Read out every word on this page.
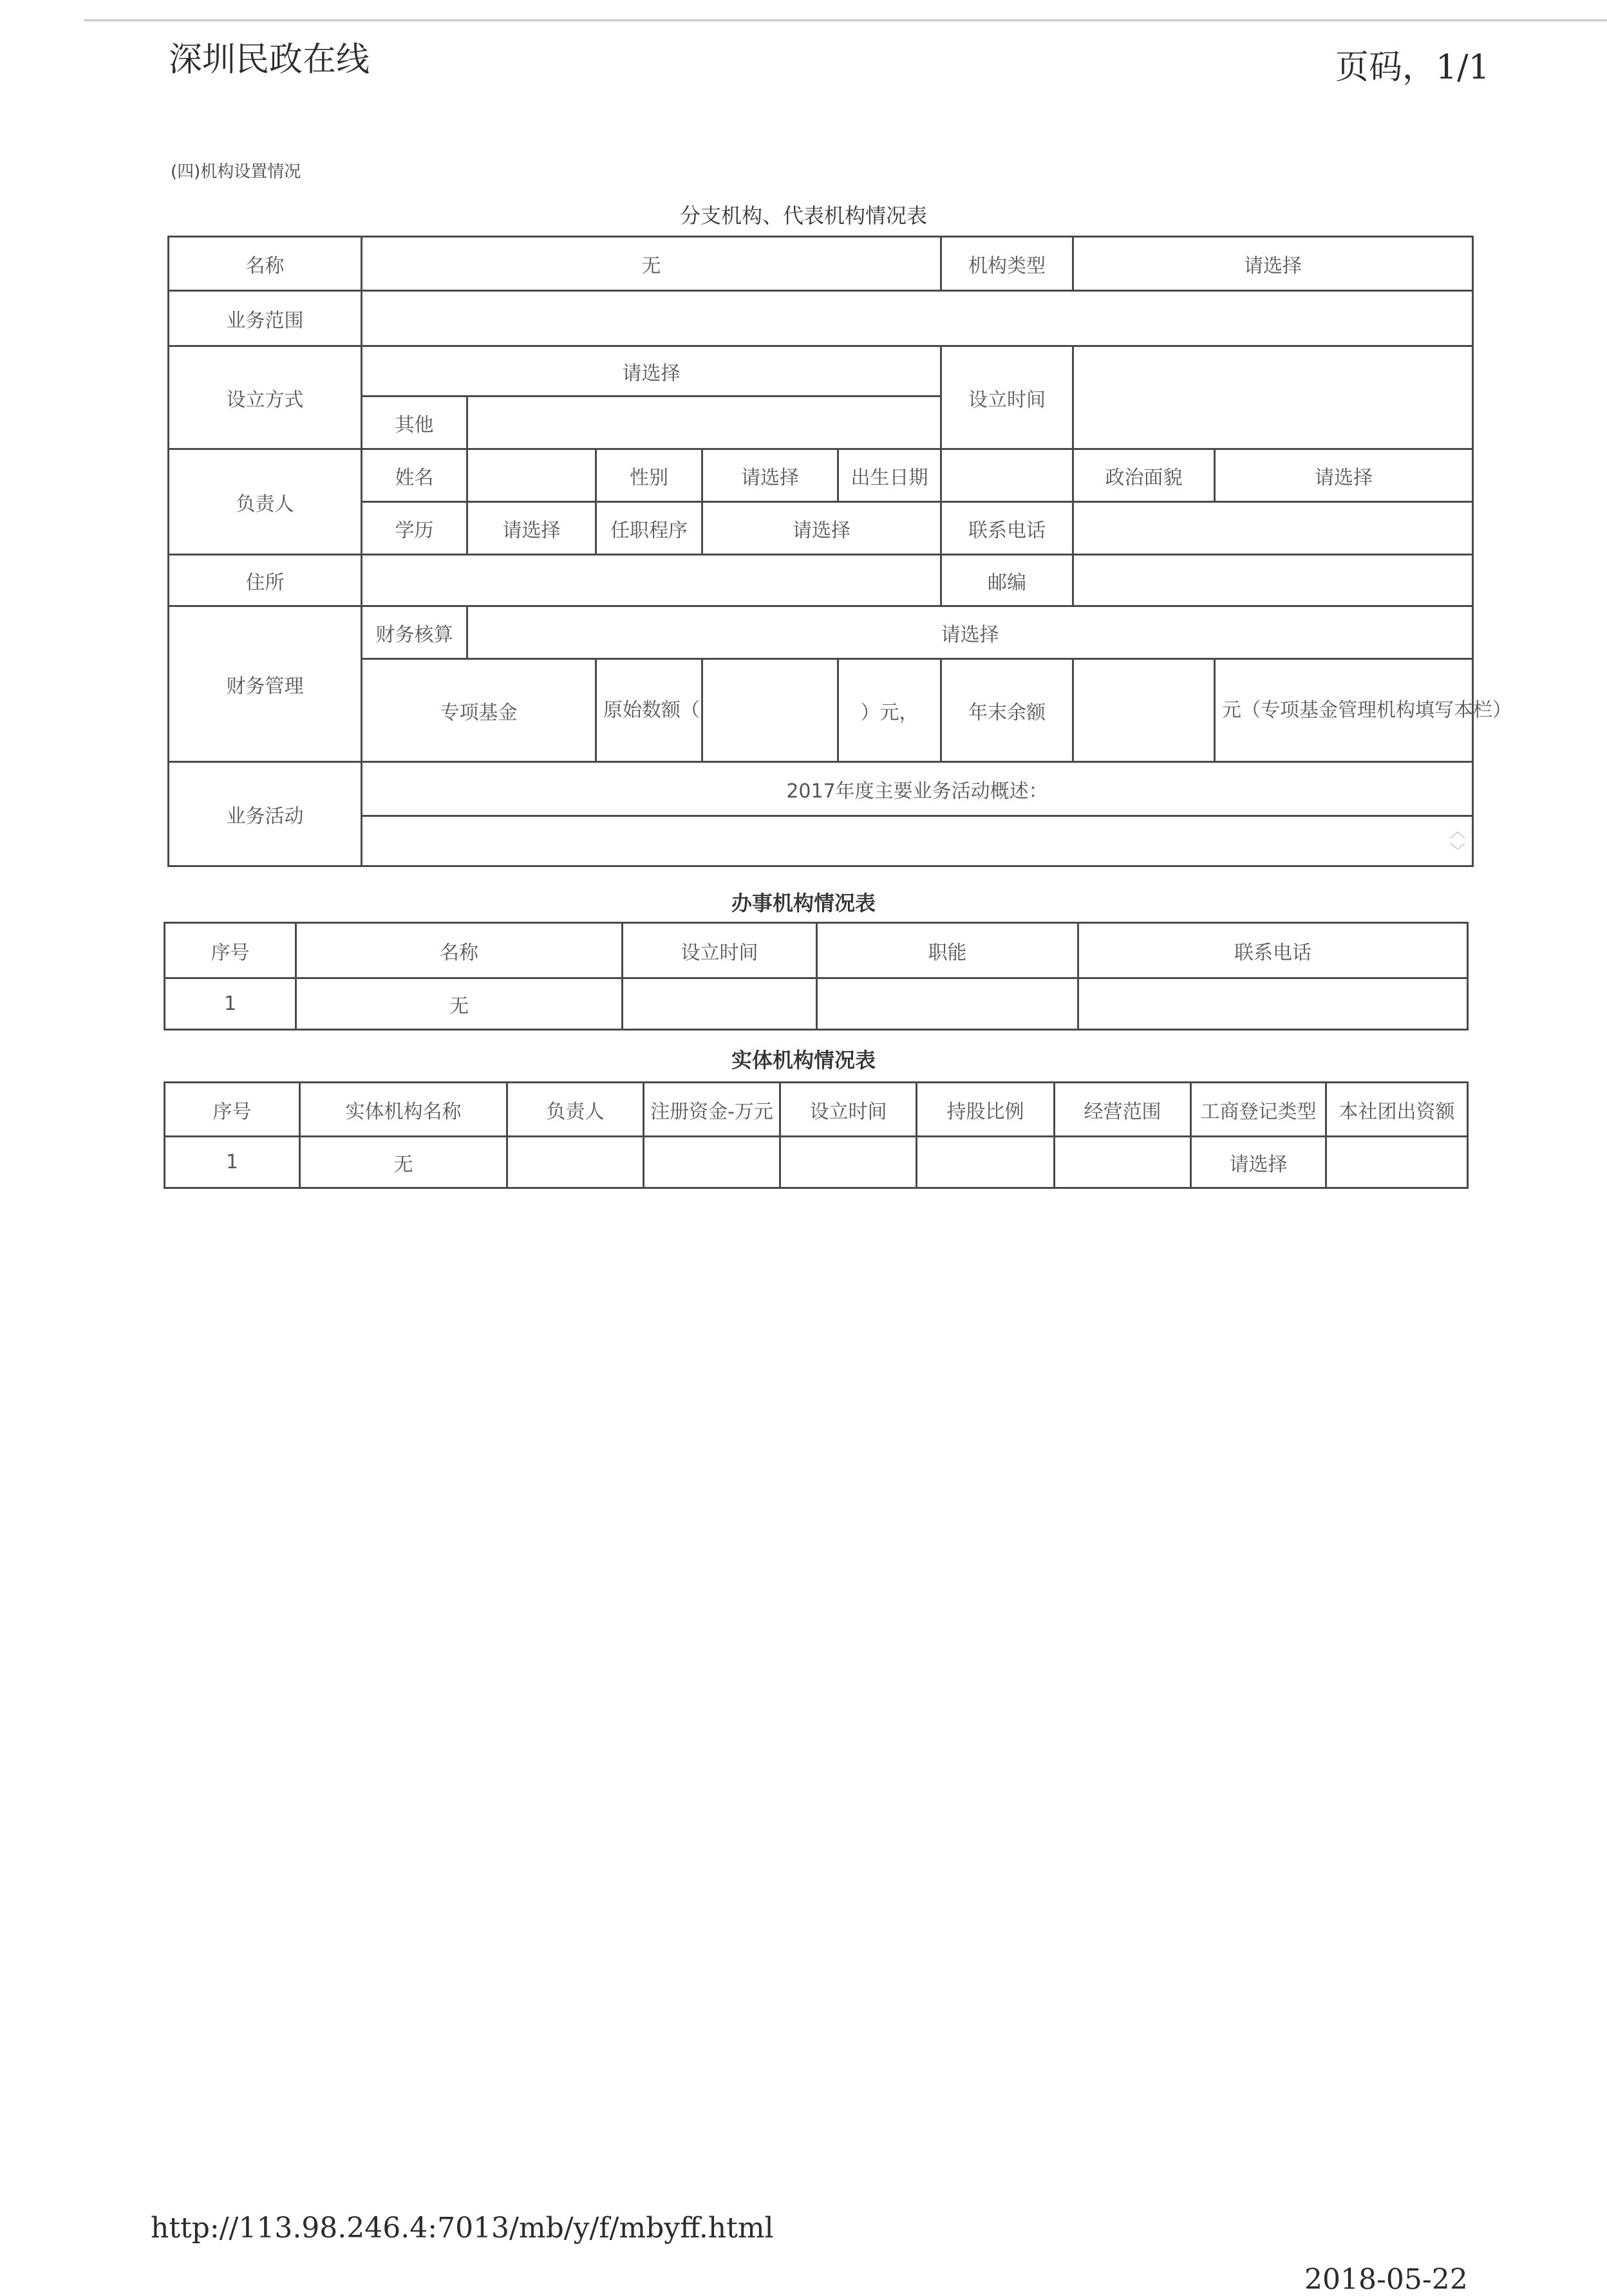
深圳民政在线	页码，1/1
(四)机构设置情况
分支机构、代表机构情况表
名称	无					机构类型	请选择	
业务范围								
设立方式	请选择					设立时间		
	其他							
负责人	姓名		性别	请选择	出生日期		政治面貌	请选择
	学历	请选择	任职程序	请选择		联系电话		
住所						邮编		
财务管理	财务核算	请选择						
	专项基金		原始数额（		）元，	年末余额		元（专项基金管理机构填写本栏）
业务活动	2017年度主要业务活动概述：							

	︿
﹀							
办事机构情况表
序号	名称	设立时间	职能	联系电话
1	无			
实体机构情况表
序号	实体机构名称	负责人	注册资金-万元	设立时间	持股比例	经营范围	工商登记类型	本社团出资额
1	无						请选择	
http://113.98.246.4:7013/mb/y/f/mbyff.html
2018-05-22
